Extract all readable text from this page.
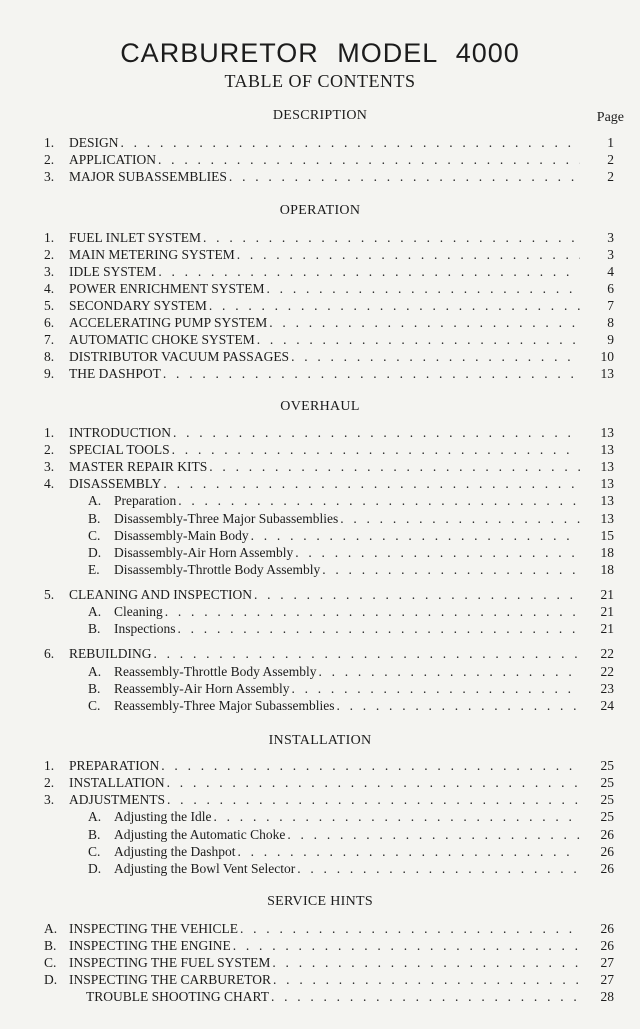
CARBURETOR MODEL 4000
TABLE OF CONTENTS
Page
DESCRIPTION
1. DESIGN . . .	1
2. APPLICATION . . .	2
3. MAJOR SUBASSEMBLIES . . .	2
OPERATION
1. FUEL INLET SYSTEM . . .	3
2. MAIN METERING SYSTEM . . .	3
3. IDLE SYSTEM . . .	4
4. POWER ENRICHMENT SYSTEM . . .	6
5. SECONDARY SYSTEM . . .	7
6. ACCELERATING PUMP SYSTEM . . .	8
7. AUTOMATIC CHOKE SYSTEM . . .	9
8. DISTRIBUTOR VACUUM PASSAGES . . .	10
9. THE DASHPOT . . .	13
OVERHAUL
1. INTRODUCTION . . .	13
2. SPECIAL TOOLS . . .	13
3. MASTER REPAIR KITS . . .	13
4. DISASSEMBLY . . .	13
A. Preparation . . .	13
B. Disassembly-Three Major Subassemblies . . .	13
C. Disassembly-Main Body . . .	15
D. Disassembly-Air Horn Assembly . . .	18
E. Disassembly-Throttle Body Assembly . . .	18
5. CLEANING AND INSPECTION . . .	21
A. Cleaning . . .	21
B. Inspections . . .	21
6. REBUILDING . . .	22
A. Reassembly-Throttle Body Assembly . . .	22
B. Reassembly-Air Horn Assembly . . .	23
C. Reassembly-Three Major Subassemblies . . .	24
INSTALLATION
1. PREPARATION . . .	25
2. INSTALLATION . . .	25
3. ADJUSTMENTS . . .	25
A. Adjusting the Idle . . .	25
B. Adjusting the Automatic Choke . . .	26
C. Adjusting the Dashpot . . .	26
D. Adjusting the Bowl Vent Selector . . .	26
SERVICE HINTS
A. INSPECTING THE VEHICLE . . .	26
B. INSPECTING THE ENGINE . . .	26
C. INSPECTING THE FUEL SYSTEM . . .	27
D. INSPECTING THE CARBURETOR . . .	27
TROUBLE SHOOTING CHART . . .	28
